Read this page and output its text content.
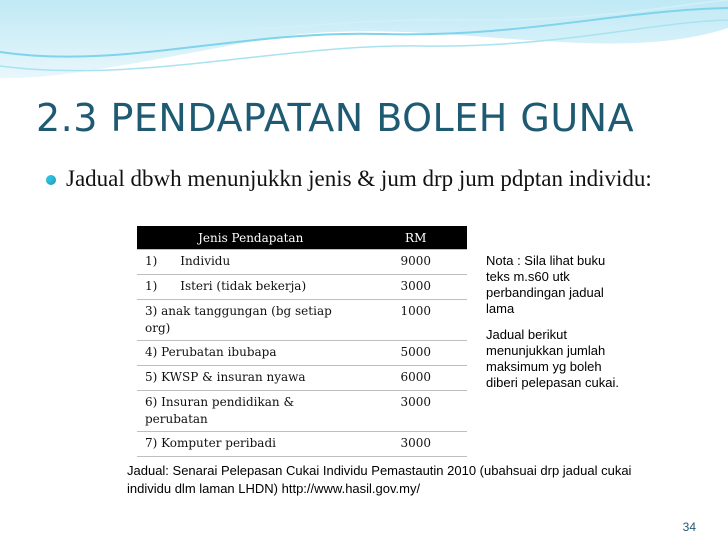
2.3 PENDAPATAN BOLEH GUNA
Jadual dbwh menunjukkn jenis & jum drp jum pdptan individu:
Jenis Pendapatan	RM
1)      Individu	9000
1)      Isteri (tidak bekerja)	3000
3) anak tanggungan (bg setiap org)	1000
4) Perubatan ibubapa	5000
5) KWSP & insuran nyawa	6000
6) Insuran pendidikan & perubatan	3000
7) Komputer peribadi	3000

Nota : Sila lihat buku teks m.s60 utk perbandingan jadual lama

Jadual berikut menunjukkan jumlah maksimum yg boleh diberi pelepasan cukai.

Jadual: Senarai Pelepasan Cukai Individu Pemastautin 2010 (ubahsuai drp jadual cukai individu dlm laman LHDN) http://www.hasil.gov.my/
34
